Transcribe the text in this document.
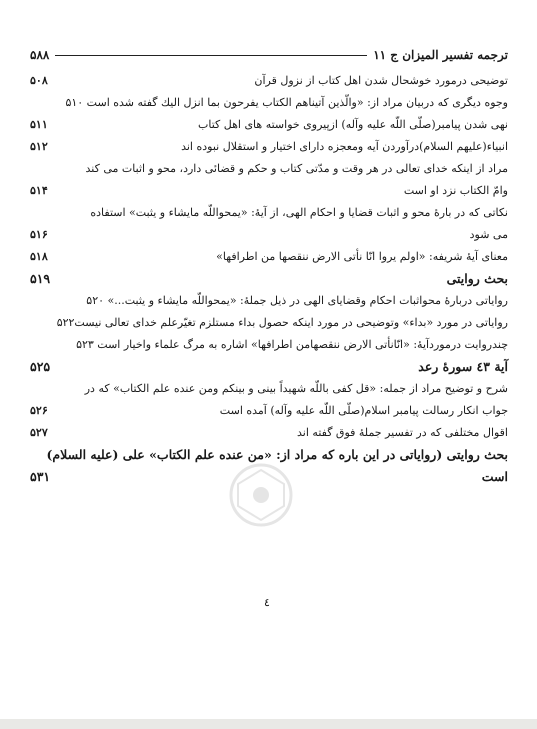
۵۸۸	ترجمه تفسير الميزان ج ١١
توضيحى درمورد خوشحال شدن اهل كتاب از نزول قرآن
۵۰۸
وجوه ديگرى كه دربيان مراد از: «والّذين آتيناهم الكتاب يفرحون بما انزل اليك گفته شده است ۵۱۰
نهى شدن پيامبر(صلّى اللّه عليه وآله) ازپيروى خواسته هاى اهل كتاب
۵۱۱
انبياء(عليهم السلام)درآوردن آيه ومعجزه داراى اختيار و استقلال نبوده اند
۵۱۲
مراد از اينكه خداى تعالى در هر وقت و مدّتى كتاب و حكم و قضائى دارد، محو و اثبات مى كند
وامّ الكتاب نزد او است
۵۱۴
نكاتى كه در بارۀ محو و اثبات قضايا و احكام الهى، از آيۀ: «يمحواللّه مايشاء و يثبت» استفاده
مى شود
۵۱۶
معناى آيۀ شريفه: «اولم يروا انّا نأتى الارض ننقصها من اطرافها»
۵۱۸
بحث روايتى
۵۱۹
رواياتى دربارۀ محواثبات احكام وقضاياى الهى در ذيل جملۀ: «يمحواللّه مايشاء و يثبت...» ۵۲۰
رواياتى در مورد «بداء» وتوضيحى در مورد اينكه حصول بداء مستلزم تغيّرعلم خداى تعالى نيست۵۲۲
چندروايت درموردآيۀ: «انّانأتى الارض ننقصهامن اطرافها» اشاره به مرگ علماء واخيار است ۵۲۳
آية ٤٣ سورۀ رعد
۵۲۵
شرح و توضيح مراد از جمله: «قل كفى باللّه شهيداً بينى و بينكم ومن عنده علم الكتاب» كه در
جواب انكار رسالت پيامبر اسلام(صلّى اللّه عليه وآله) آمده است
۵۲۶
اقوال مختلفى كه در تفسير جملۀ فوق گفته اند
۵۲۷
بحث روايتى (رواياتى در اين باره كه مراد از: «من عنده علم الكتاب» على (عليه السلام)
است
۵۳۱
٤
